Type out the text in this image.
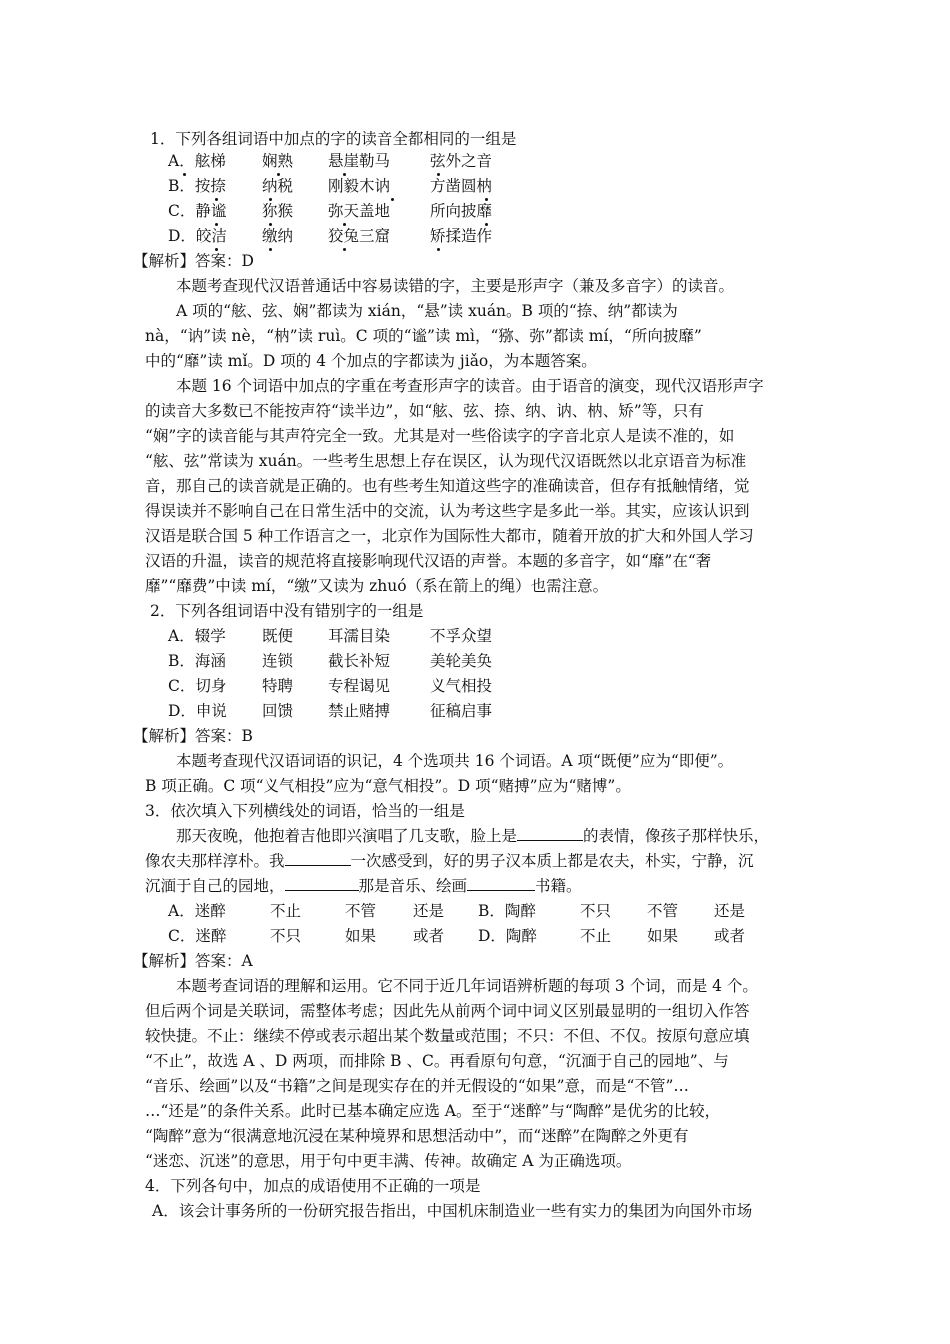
1．下列各组词语中加点的字的读音全都相同的一组是
A．舷梯 娴熟 悬崖勒马	弦外之音
B．按捺 纳税 刚毅木讷	方凿圆枘
C．静谧 狝猴 弥天盖地	所向披靡
D．皎洁 缴纳 狡兔三窟	矫揉造作
【解析】答案：D
本题考查现代汉语普通话中容易读错的字，主要是形声字（兼及多音字）的读音。
A 项的“舷、弦、娴”都读为 xián，“悬”读 xuán。B 项的“捺、纳”都读为
nà，“讷”读 nè，“枘”读 ruì。C 项的“谧”读 mì，“猕、弥”都读 mí，“所向披靡”
中的“靡”读 mǐ。D 项的 4 个加点的字都读为 jiǎo，为本题答案。
本题 16 个词语中加点的字重在考查形声字的读音。由于语音的演变，现代汉语形声字
的读音大多数已不能按声符“读半边”，如“舷、弦、捺、纳、讷、枘、矫”等，只有
“娴”字的读音能与其声符完全一致。尤其是对一些俗读字的字音北京人是读不准的，如
“舷、弦”常读为 xuán。一些考生思想上存在误区，认为现代汉语既然以北京语音为标准
音，那自己的读音就是正确的。也有些考生知道这些字的准确读音，但存有抵触情绪，觉
得误读并不影响自己在日常生活中的交流，认为考这些字是多此一举。其实，应该认识到
汉语是联合国 5 种工作语言之一，北京作为国际性大都市，随着开放的扩大和外国人学习
汉语的升温，读音的规范将直接影响现代汉语的声誉。本题的多音字，如“靡”在“奢
靡”“靡费”中读 mí，“缴”又读为 zhuó（系在箭上的绳）也需注意。
2．下列各组词语中没有错别字的一组是
A．辍学 既便 耳濡目染	不孚众望
B．海涵 连锁 截长补短	美轮美奂
C．切身 特聘 专程谒见	义气相投
D．申说 回馈 禁止赌搏	征稿启事
【解析】答案：B
本题考查现代汉语词语的识记，4 个选项共 16 个词语。A 项“既便”应为“即便”。
B 项正确。C 项“义气相投”应为“意气相投”。D 项“赌搏”应为“赌博”。
3．依次填入下列横线处的词语，恰当的一组是
那天夜晚，他抱着吉他即兴演唱了几支歌，脸上是	的表情，像孩子那样快乐，
像农夫那样淳朴。我	一次感受到，好的男子汉本质上都是农夫，朴实，宁静，沉
沉湎于自己的园地，	那是音乐、绘画	书籍。
A．迷醉	不止	不管 还是 B．陶醉	不只 不管 还是
C．迷醉	不只	如果 或者 D．陶醉	不止 如果 或者
【解析】答案：A
本题考查词语的理解和运用。它不同于近几年词语辨析题的每项 3 个词，而是 4 个。
但后两个词是关联词，需整体考虑；因此先从前两个词中词义区别最显明的一组切入作答
较快捷。不止：继续不停或表示超出某个数量或范围；不只：不但、不仅。按原句意应填
“不止”，故选 A 、D 两项，而排除 B 、C。再看原句句意，“沉湎于自己的园地”、与
“音乐、绘画”以及“书籍”之间是现实存在的并无假设的“如果”意，而是“不管”…
…“还是”的条件关系。此时已基本确定应选 A。至于“迷醉”与“陶醉”是优劣的比较，
“陶醉”意为“很满意地沉浸在某种境界和思想活动中”，而“迷醉”在陶醉之外更有
“迷恋、沉迷”的意思，用于句中更丰满、传神。故确定 A 为正确选项。
4．下列各句中，加点的成语使用不正确的一项是
A．该会计事务所的一份研究报告指出，中国机床制造业一些有实力的集团为向国外市场
